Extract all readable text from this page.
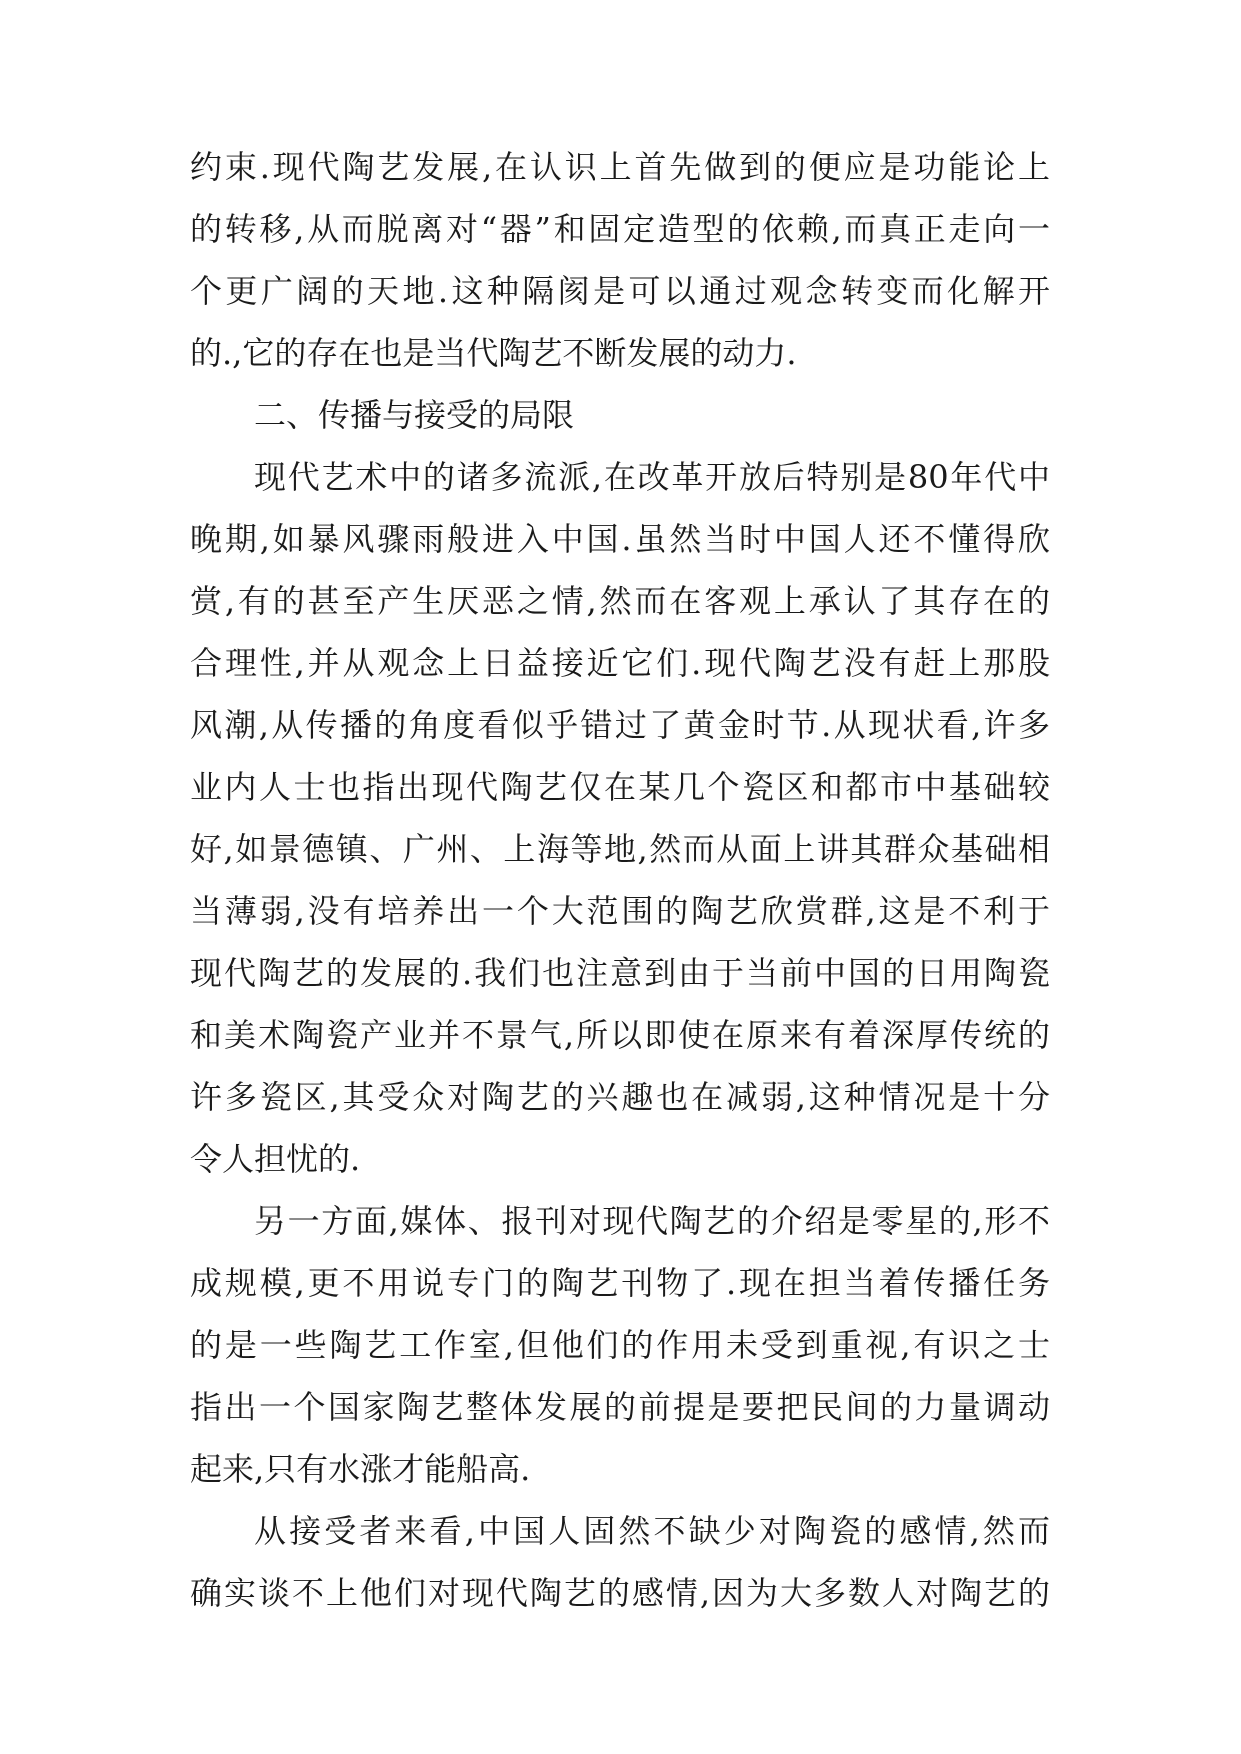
约束.现代陶艺发展,在认识上首先做到的便应是功能论上
的转移,从而脱离对“器”和固定造型的依赖,而真正走向一
个更广阔的天地.这种隔阂是可以通过观念转变而化解开
的.,它的存在也是当代陶艺不断发展的动力.
二、传播与接受的局限
现代艺术中的诸多流派,在改革开放后特别是80年代中
晚期,如暴风骤雨般进入中国.虽然当时中国人还不懂得欣
赏,有的甚至产生厌恶之情,然而在客观上承认了其存在的
合理性,并从观念上日益接近它们.现代陶艺没有赶上那股
风潮,从传播的角度看似乎错过了黄金时节.从现状看,许多
业内人士也指出现代陶艺仅在某几个瓷区和都市中基础较
好,如景德镇、广州、上海等地,然而从面上讲其群众基础相
当薄弱,没有培养出一个大范围的陶艺欣赏群,这是不利于
现代陶艺的发展的.我们也注意到由于当前中国的日用陶瓷
和美术陶瓷产业并不景气,所以即使在原来有着深厚传统的
许多瓷区,其受众对陶艺的兴趣也在减弱,这种情况是十分
令人担忧的.
另一方面,媒体、报刊对现代陶艺的介绍是零星的,形不
成规模,更不用说专门的陶艺刊物了.现在担当着传播任务
的是一些陶艺工作室,但他们的作用未受到重视,有识之士
指出一个国家陶艺整体发展的前提是要把民间的力量调动
起来,只有水涨才能船高.
从接受者来看,中国人固然不缺少对陶瓷的感情,然而
确实谈不上他们对现代陶艺的感情,因为大多数人对陶艺的
